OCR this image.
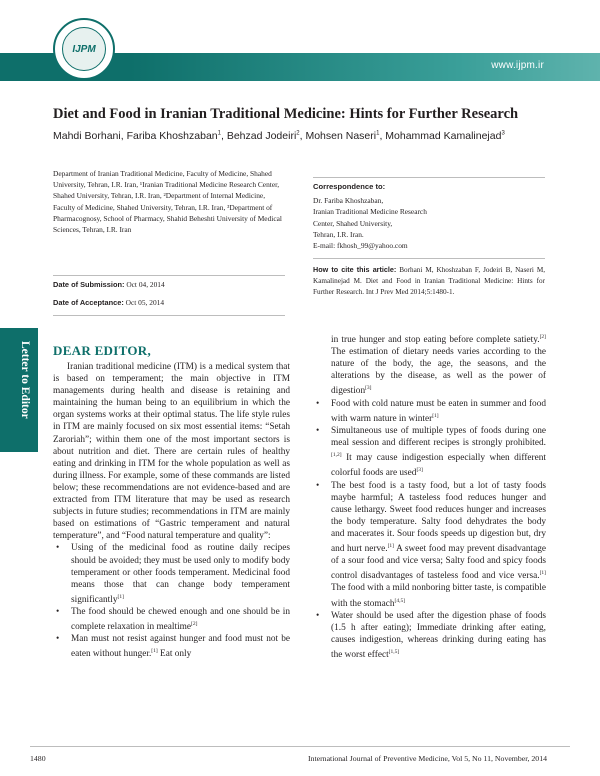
IJPM
www.ijpm.ir
Diet and Food in Iranian Traditional Medicine: Hints for Further Research
Mahdi Borhani, Fariba Khoshzaban$^1$, Behzad Jodeiri$^2$, Mohsen Naseri$^1$, Mohammad Kamalinejad$^3$
Department of Iranian Traditional Medicine, Faculty of Medicine, Shahed University, Tehran, I.R. Iran, ¹Iranian Traditional Medicine Research Center, Shahed University, Tehran, I.R. Iran, ²Department of Internal Medicine, Faculty of Medicine, Shahed University, Tehran, I.R. Iran, ³Department of Pharmacognosy, School of Pharmacy, Shahid Beheshti University of Medical Sciences, Tehran, I.R. Iran
Correspondence to:
Dr. Fariba Khoshzaban,
Iranian Traditional Medicine Research
Center, Shahed University,
Tehran, I.R. Iran.
E-mail: fkhosh_99@yahoo.com
Date of Submission: Oct 04, 2014
Date of Acceptance: Oct 05, 2014
How to cite this article: Borhani M, Khoshzaban F, Jodeiri B, Naseri M, Kamalinejad M. Diet and Food in Iranian Traditional Medicine: Hints for Further Research. Int J Prev Med 2014;5:1480-1.
Letter to Editor DEAR EDITOR,

Iranian traditional medicine (ITM) is a medical system that is based on temperament; the main objective in ITM managements during health and disease is retaining and maintaining the human being to an equilibrium in which the organ systems works at their optimal status. The life style rules in ITM are mainly focused on six most essential items: “Setah Zaroriah”; within them one of the most important sectors is about nutrition and diet. There are certain rules of healthy eating and drinking in ITM for the whole population as well as during illness. For example, some of these commands are listed below; these recommendations are not evidence-based and are extracted from ITM literature that may be used as research subjects in future studies; recommendations in ITM are mainly based on estimations of “Gastric temperament and natural temperature”, and “Food natural temperature and quality”:

• Using of the medicinal food as routine daily recipes should be avoided; they must be used only to modify body temperament or other foods temperament. Medicinal food means those that can change body temperament significantly[1]
• The food should be chewed enough and one should be in complete relaxation in mealtime[2]
• Man must not resist against hunger and food must not be eaten without hunger.[1] Eat only

in true hunger and stop eating before complete satiety.[2] The estimation of dietary needs varies according to the nature of the body, the age, the seasons, and the alterations by the disease, as well as the power of digestion[3]

• Food with cold nature must be eaten in summer and food with warm nature in winter[1]
• Simultaneous use of multiple types of foods during one meal session and different recipes is strongly prohibited.[1,2] It may cause indigestion especially when different colorful foods are used[3]
• The best food is a tasty food, but a lot of tasty foods maybe harmful; A tasteless food reduces hunger and cause lethargy. Sweet food reduces hunger and increases the body temperature. Salty food dehydrates the body and macerates it. Sour foods speeds up digestion but, dry and hurt nerve.[1] A sweet food may prevent disadvantage of a sour food and vice versa; Salty food and spicy foods control disadvantages of tasteless food and vice versa.[1] The food with a mild nonboring bitter taste, is compatible with the stomach[4,5]
• Water should be used after the digestion phase of foods (1.5 h after eating); Immediate drinking after eating, causes indigestion, whereas drinking during eating has the worst effect[1,5]
1480	International Journal of Preventive Medicine, Vol 5, No 11, November, 2014
